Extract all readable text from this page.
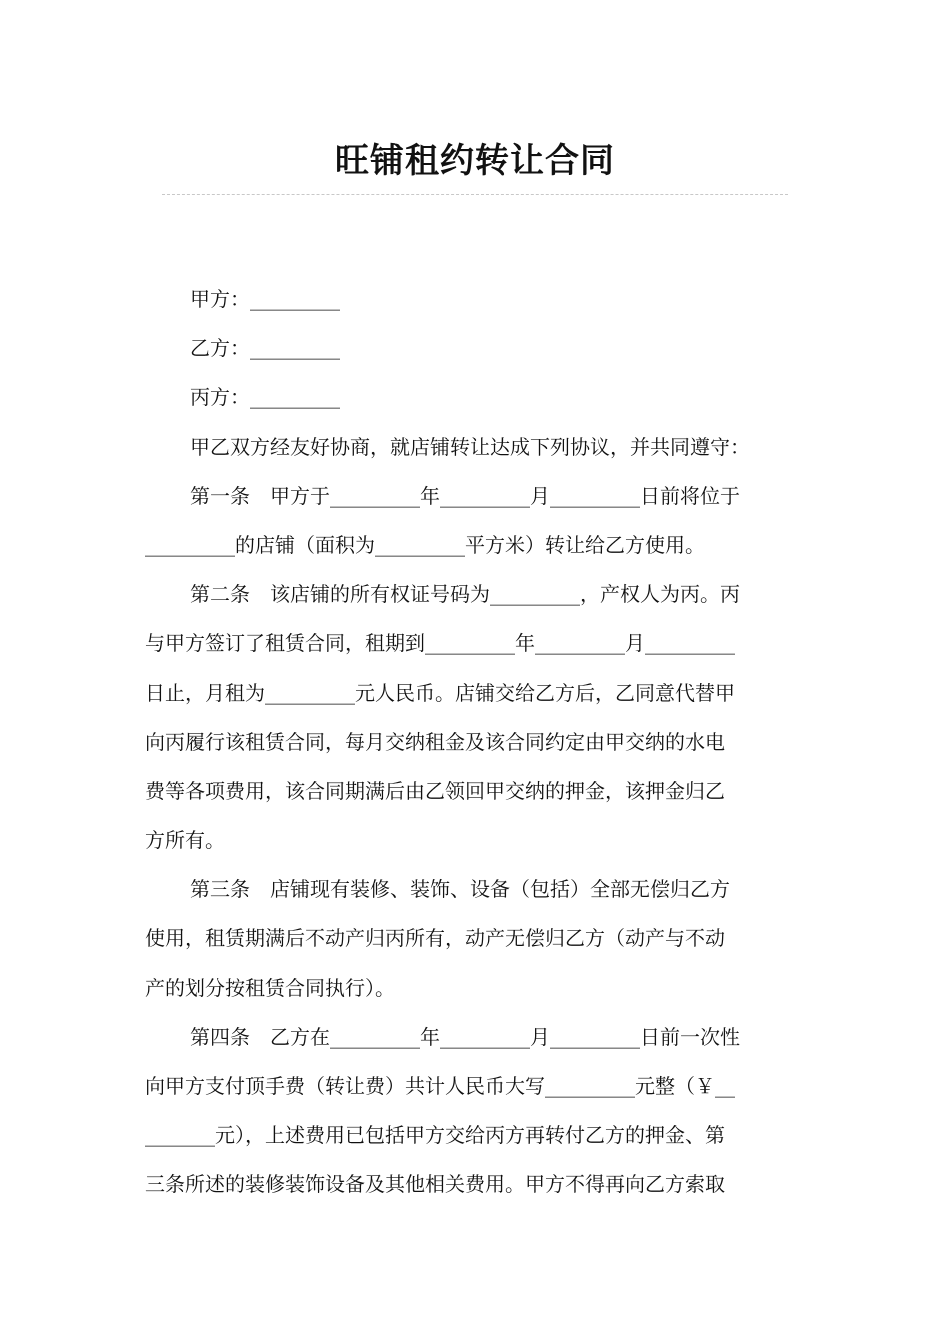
旺铺租约转让合同
甲方：_________
乙方：_________
丙方：_________
甲乙双方经友好协商，就店铺转让达成下列协议，并共同遵守：
第一条　甲方于_________年_________月_________日前将位于
_________的店铺（面积为_________平方米）转让给乙方使用。
第二条　该店铺的所有权证号码为_________，产权人为丙。丙
与甲方签订了租赁合同，租期到_________年_________月_________
日止，月租为_________元人民币。店铺交给乙方后，乙同意代替甲
向丙履行该租赁合同，每月交纳租金及该合同约定由甲交纳的水电
费等各项费用，该合同期满后由乙领回甲交纳的押金，该押金归乙
方所有。
第三条　店铺现有装修、装饰、设备（包括）全部无偿归乙方
使用，租赁期满后不动产归丙所有，动产无偿归乙方（动产与不动
产的划分按租赁合同执行）。
第四条　乙方在_________年_________月_________日前一次性
向甲方支付顶手费（转让费）共计人民币大写_________元整（￥__
_______元），上述费用已包括甲方交给丙方再转付乙方的押金、第
三条所述的装修装饰设备及其他相关费用。甲方不得再向乙方索取
